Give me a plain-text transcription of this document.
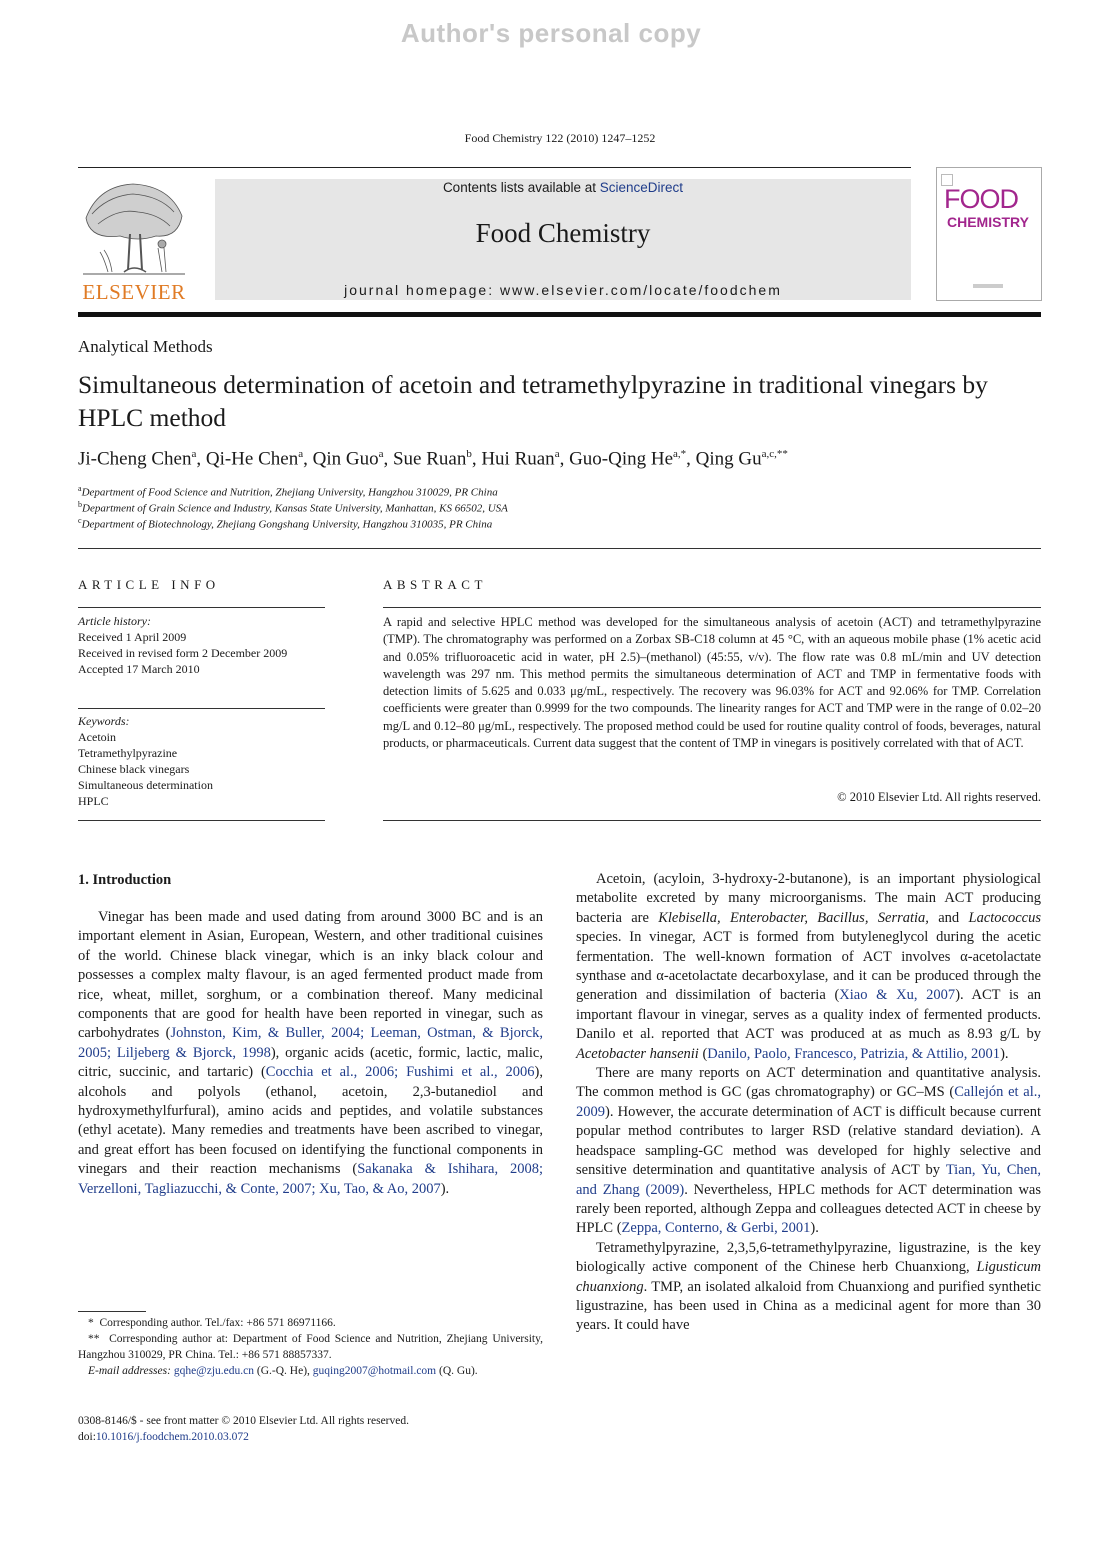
Author's personal copy
Food Chemistry 122 (2010) 1247–1252
ELSEVIER
Contents lists available at ScienceDirect
Food Chemistry
journal homepage: www.elsevier.com/locate/foodchem
FOOD
CHEMISTRY
Analytical Methods
Simultaneous determination of acetoin and tetramethylpyrazine in traditional vinegars by HPLC method
Ji-Cheng Chen$^a$, Qi-He Chen$^a$, Qin Guo$^a$, Sue Ruan$^b$, Hui Ruan$^a$, Guo-Qing $He^{a,*}$, Qing $Gu^{a,c,**}$
$^a$Department of Food Science and Nutrition, Zhejiang University, Hangzhou 310029, PR China
$^b$Department of Grain Science and Industry, Kansas State University, Manhattan, KS 66502, USA
$^c$Department of Biotechnology, Zhejiang Gongshang University, Hangzhou 310035, PR China
ARTICLE INFO
Article history:
Received 1 April 2009
Received in revised form 2 December 2009
Accepted 17 March 2010
Keywords:
Acetoin
Tetramethylpyrazine
Chinese black vinegars
Simultaneous determination
HPLC
ABSTRACT
A rapid and selective HPLC method was developed for the simultaneous analysis of acetoin (ACT) and tetramethylpyrazine (TMP). The chromatography was performed on a Zorbax SB-C18 column at 45 °C, with an aqueous mobile phase (1% acetic acid and 0.05% trifluoroacetic acid in water, pH 2.5)–(methanol) (45:55, v/v). The flow rate was 0.8 mL/min and UV detection wavelength was 297 nm. This method permits the simultaneous determination of ACT and TMP in fermentative foods with detection limits of 5.625 and 0.033 μg/mL, respectively. The recovery was 96.03% for ACT and 92.06% for TMP. Correlation coefficients were greater than 0.9999 for the two compounds. The linearity ranges for ACT and TMP were in the range of 0.02–20 mg/L and 0.12–80 μg/mL, respectively. The proposed method could be used for routine quality control of foods, beverages, natural products, or pharmaceuticals. Current data suggest that the content of TMP in vinegars is positively correlated with that of ACT.
© 2010 Elsevier Ltd. All rights reserved.
1. Introduction

Vinegar has been made and used dating from around 3000 BC and is an important element in Asian, European, Western, and other traditional cuisines of the world. Chinese black vinegar, which is an inky black colour and possesses a complex malty flavour, is an aged fermented product made from rice, wheat, millet, sorghum, or a combination thereof. Many medicinal components that are good for health have been reported in vinegar, such as carbohydrates (Johnston, Kim, & Buller, 2004; Leeman, Ostman, & Bjorck, 2005; Liljeberg & Bjorck, 1998), organic acids (acetic, formic, lactic, malic, citric, succinic, and tartaric) (Cocchia et al., 2006; Fushimi et al., 2006), alcohols and polyols (ethanol, acetoin, 2,3-butanediol and hydroxymethylfurfural), amino acids and peptides, and volatile substances (ethyl acetate). Many remedies and treatments have been ascribed to vinegar, and great effort has been focused on identifying the functional components in vinegars and their reaction mechanisms (Sakanaka & Ishihara, 2008; Verzelloni, Tagliazucchi, & Conte, 2007; Xu, Tao, & Ao, 2007).

Acetoin, (acyloin, 3-hydroxy-2-butanone), is an important physiological metabolite excreted by many microorganisms. The main ACT producing bacteria are Klebisella, Enterobacter, Bacillus, Serratia, and Lactococcus species. In vinegar, ACT is formed from butyleneglycol during the acetic fermentation. The well-known formation of ACT involves α-acetolactate synthase and α-acetolactate decarboxylase, and it can be produced through the generation and dissimilation of bacteria (Xiao & Xu, 2007). ACT is an important flavour in vinegar, serves as a quality index of fermented products. Danilo et al. reported that ACT was produced at as much as 8.93 g/L by Acetobacter hansenii (Danilo, Paolo, Francesco, Patrizia, & Attilio, 2001).

There are many reports on ACT determination and quantitative analysis. The common method is GC (gas chromatography) or GC–MS (Callejón et al., 2009). However, the accurate determination of ACT is difficult because current popular method contributes to larger RSD (relative standard deviation). A headspace sampling-GC method was developed for highly selective and sensitive determination and quantitative analysis of ACT by Tian, Yu, Chen, and Zhang (2009). Nevertheless, HPLC methods for ACT determination was rarely been reported, although Zeppa and colleagues detected ACT in cheese by HPLC (Zeppa, Conterno, & Gerbi, 2001).

Tetramethylpyrazine, 2,3,5,6-tetramethylpyrazine, ligustrazine, is the key biologically active component of the Chinese herb Chuanxiong, Ligusticum chuanxiong. TMP, an isolated alkaloid from Chuanxiong and purified synthetic ligustrazine, has been used in China as a medicinal agent for more than 30 years. It could have

*  Corresponding author. Tel./fax: +86 571 86971166.
**  Corresponding author at: Department of Food Science and Nutrition, Zhejiang University, Hangzhou 310029, PR China. Tel.: +86 571 88857337.
E-mail addresses: gqhe@zju.edu.cn (G.-Q. He), guqing2007@hotmail.com (Q. Gu).
0308-8146/$ - see front matter © 2010 Elsevier Ltd. All rights reserved.
doi:10.1016/j.foodchem.2010.03.072
